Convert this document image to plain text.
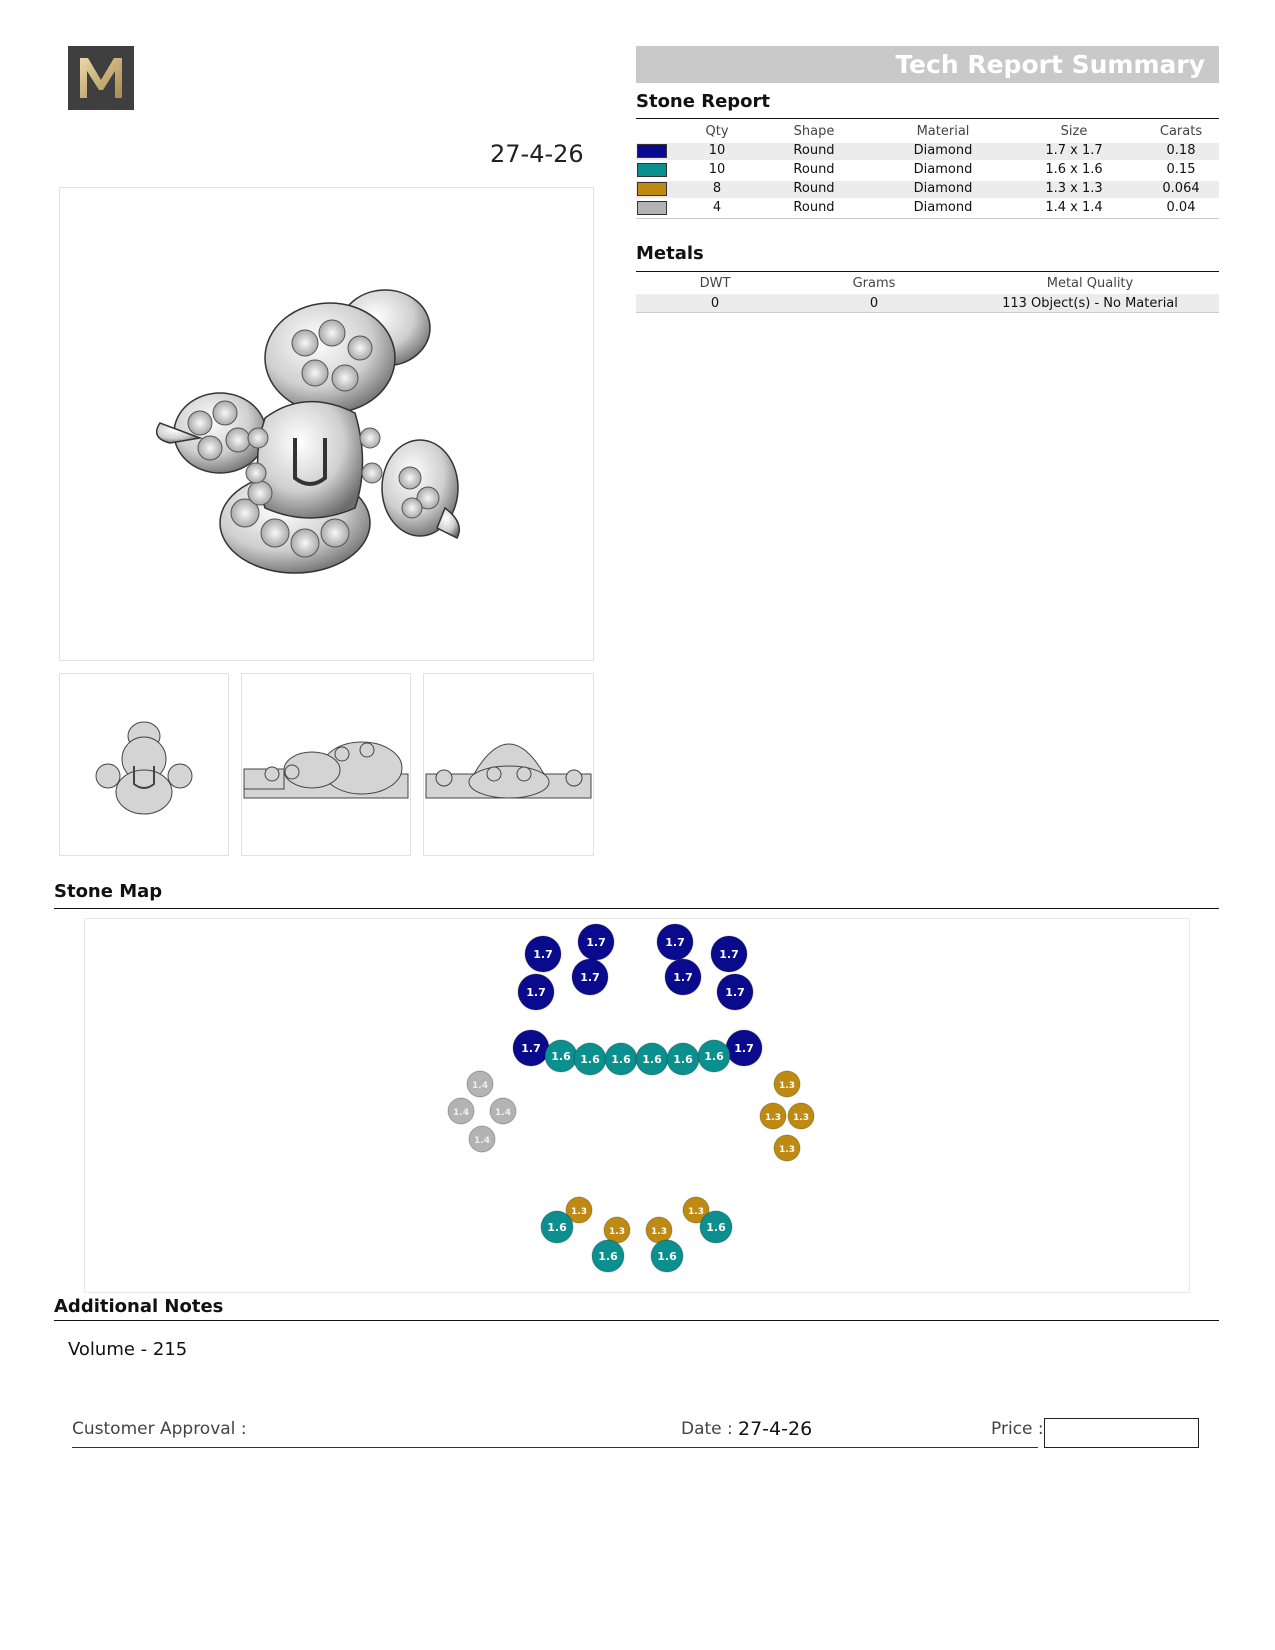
27-4-26
Tech Report Summary
Stone Report
Qty	Shape	Material	Size	Carats
10	Round	Diamond	1.7 x 1.7	0.18
10	Round	Diamond	1.6 x 1.6	0.15
8	Round	Diamond	1.3 x 1.3	0.064
4	Round	Diamond	1.4 x 1.4	0.04
Metals
DWT	Grams	Metal Quality
0	0	113 Object(s) - No Material
Stone Map
1.7
1.7	1.7
1.7
1.7
1.7	1.7
1.7
1.7	1.7
1.6 1.6 1.6 1.6 1.6 1.6
1.4
1.4	1.4
1.4
1.3
1.3 1.3
1.3
1.3
1.3	1.3
1.3
1.6	1.6
1.6	1.6
Additional Notes
Volume - 215
Customer Approval :	Date : 27-4-26	Price :
